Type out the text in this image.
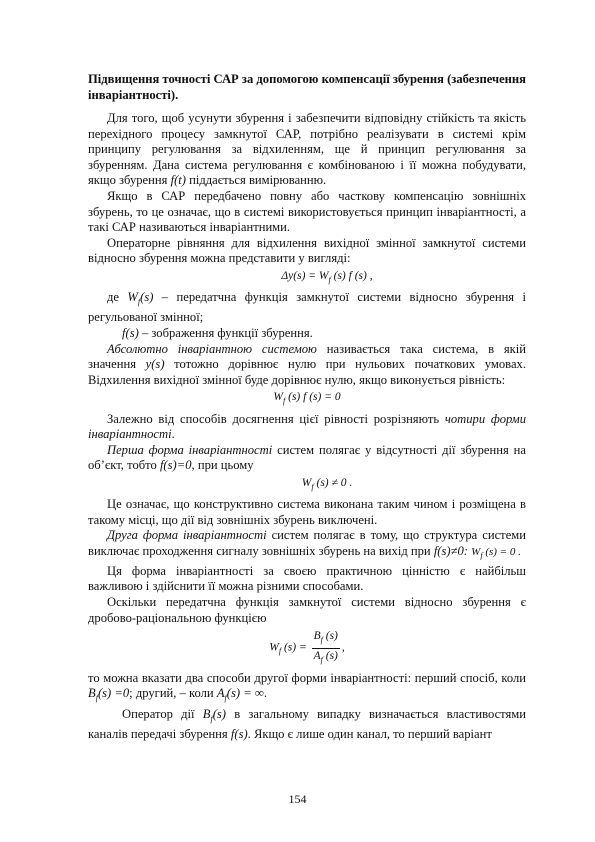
Підвищення точності САР за допомогою компенсації збурення (забезпечення інваріантності).

Для того, щоб усунути збурення і забезпечити відповідну стійкість та якість перехідного процесу замкнутої САР, потрібно реалізувати в системі крім принципу регулювання за відхиленням, ще й принцип регулювання за збуренням. Дана система регулювання є комбінованою і її можна побудувати, якщо збурення f(t) піддається вимірюванню.

Якщо в САР передбачено повну або часткову компенсацію зовнішніх збурень, то це означає, що в системі використовується принцип інваріантності, а такі САР називаються інваріантними.

Операторне рівняння для відхилення вихідної змінної замкнутої системи відносно збурення можна представити у вигляді:

$\Delta y(s) = W_f$ (s) f (s) ,

де $W_f(s)$ – передатчна функція замкнутої системи відносно збурення і регульованої змінної;

f(s) – зображення функції збурення.

Абсолютно інваріантною системою називається така система, в якій значення y(s) тотожно дорівнює нулю при нульових початкових умовах. Відхилення вихідної змінної буде дорівнює нулю, якщо виконується рівність:

$W_f$ (s) f (s) = 0

Залежно від способів досягнення цієї рівності розрізняють чотири форми інваріантності.

Перша форма інваріантності систем полягає у відсутності дії збурення на об’єкт, тобто f(s)=0, при цьому

$W_f$ (s) ≠ 0 .

Це означає, що конструктивно система виконана таким чином і розміщена в такому місці, що дії від зовнішніх збурень виключені.

Друга форма інваріантності систем полягає в тому, що структура системи виключає проходження сигналу зовнішніх збурень на вихід при f(s)≠0: $W_f$ (s) = 0 .

Ця форма інваріантності за своєю практичною цінністю є найбільш важливою і здійснити її можна різними способами.

Оскільки передатчна функція замкнутої системи відносно збурення є дробово-раціональною функцією

$W_f$ $(s) = \frac{B_f (s)}{A_f (s)}$ ,

то можна вказати два способи другої форми інваріантності: перший спосіб, коли $B_f(s) =0$; другий, – коли $A_f(s)$ = ∞.

Оператор дії $B_f(s)$ в загальному випадку визначається властивостями каналів передачі збурення f(s). Якщо є лише один канал, то перший варіант

154
